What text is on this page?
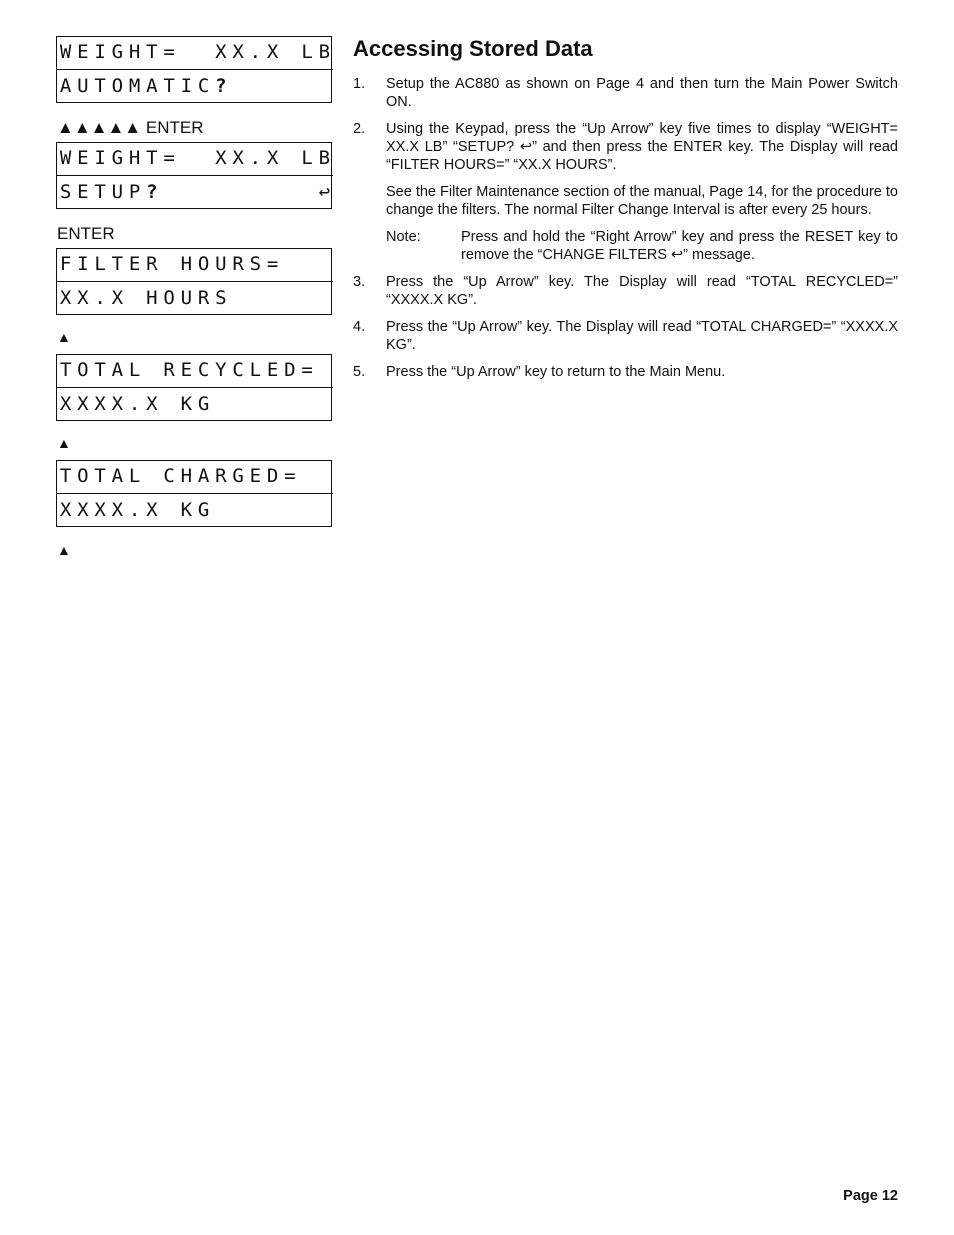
W E I G H T =

X X . X
L B
A U T O M A T I C ?

▲▲▲▲▲ ENTER
W E I G H T =

X X . X
L B
S E T U P ?

	↩
ENTER
F I L T E R
H O U R S =

X X . X
H O U R S

▲
T O T A L
R E C Y C L E D =

X X X X . X
K G

▲
T O T A L
C H A R G E D =

X X X X . X
K G

▲
Accessing Stored Data
1. Setup the AC880 as shown on Page 4 and then turn the Main Power Switch ON.
2. Using the Keypad, press the “Up Arrow” key five times to display “WEIGHT= XX.X LB” “SETUP? ↩” and then press the ENTER key. The Display will read “FILTER HOURS=” “XX.X HOURS”.
See the Filter Maintenance section of the manual, Page 14, for the procedure to change the filters. The normal Filter Change Interval is after every 25 hours.
Note:	Press and hold the “Right Arrow” key and press the RESET key to remove the “CHANGE FILTERS ↩” message.
3. Press the “Up Arrow” key. The Display will read “TOTAL RECYCLED=” “XXXX.X KG”.
4. Press the “Up Arrow” key. The Display will read “TOTAL CHARGED=” “XXXX.X KG”.
5. Press the “Up Arrow” key to return to the Main Menu.
Page 12
